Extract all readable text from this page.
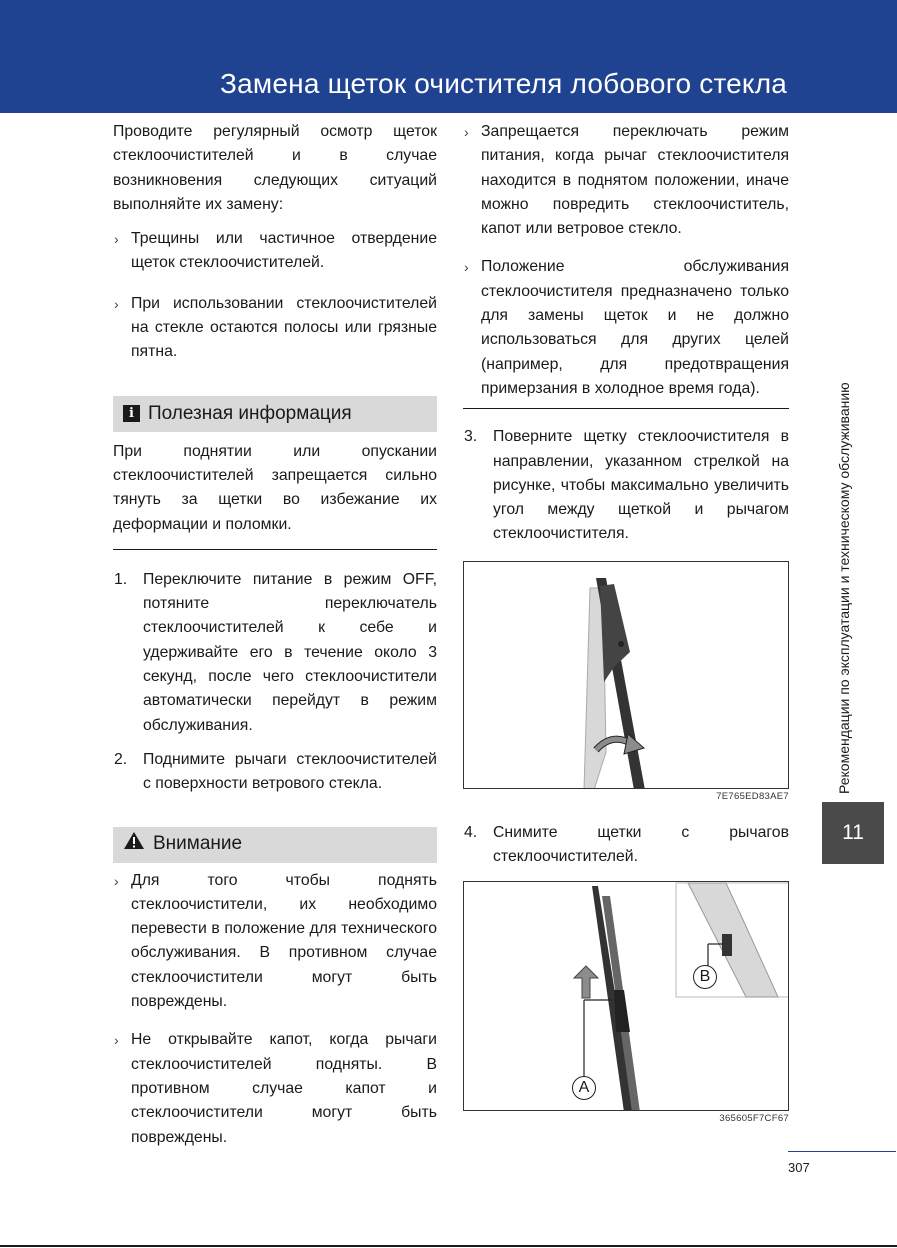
Замена щеток очистителя лобового стекла
Проводите регулярный осмотр щеток стеклоочистителей и в случае возникновения следующих ситуаций выполняйте их замену:
› Трещины или частичное отвердение щеток стеклоочистителей.
› При использовании стеклоочистителей на стекле остаются полосы или грязные пятна.
i Полезная информация
При поднятии или опускании стеклоочистителей запрещается сильно тянуть за щетки во избежание их деформации и поломки.
1. Переключите питание в режим OFF, потяните переключатель стеклоочистителей к себе и удерживайте его в течение около 3 секунд, после чего стеклоочистители автоматически перейдут в режим обслуживания.
2. Поднимите рычаги стеклоочистителей с поверхности ветрового стекла.
Внимание
› Для того чтобы поднять стеклоочистители, их необходимо перевести в положение для технического обслуживания. В противном случае стеклоочистители могут быть повреждены.
› Не открывайте капот, когда рычаги стеклоочистителей подняты. В противном случае капот и стеклоочистители могут быть повреждены.
› Запрещается переключать режим питания, когда рычаг стеклоочистителя находится в поднятом положении, иначе можно повредить стеклоочиститель, капот или ветровое стекло.
› Положение обслуживания стеклоочистителя предназначено только для замены щеток и не должно использоваться для других целей (например, для предотвращения примерзания в холодное время года).
3. Поверните щетку стеклоочистителя в направлении, указанном стрелкой на рисунке, чтобы максимально увеличить угол между щеткой и рычагом стеклоочистителя.
7E765ED83AE7
4. Снимите щетки с рычагов стеклоочистителей.
B
A
365605F7CF67
Рекомендации по эксплуатации и техническому обслуживанию
11
307
